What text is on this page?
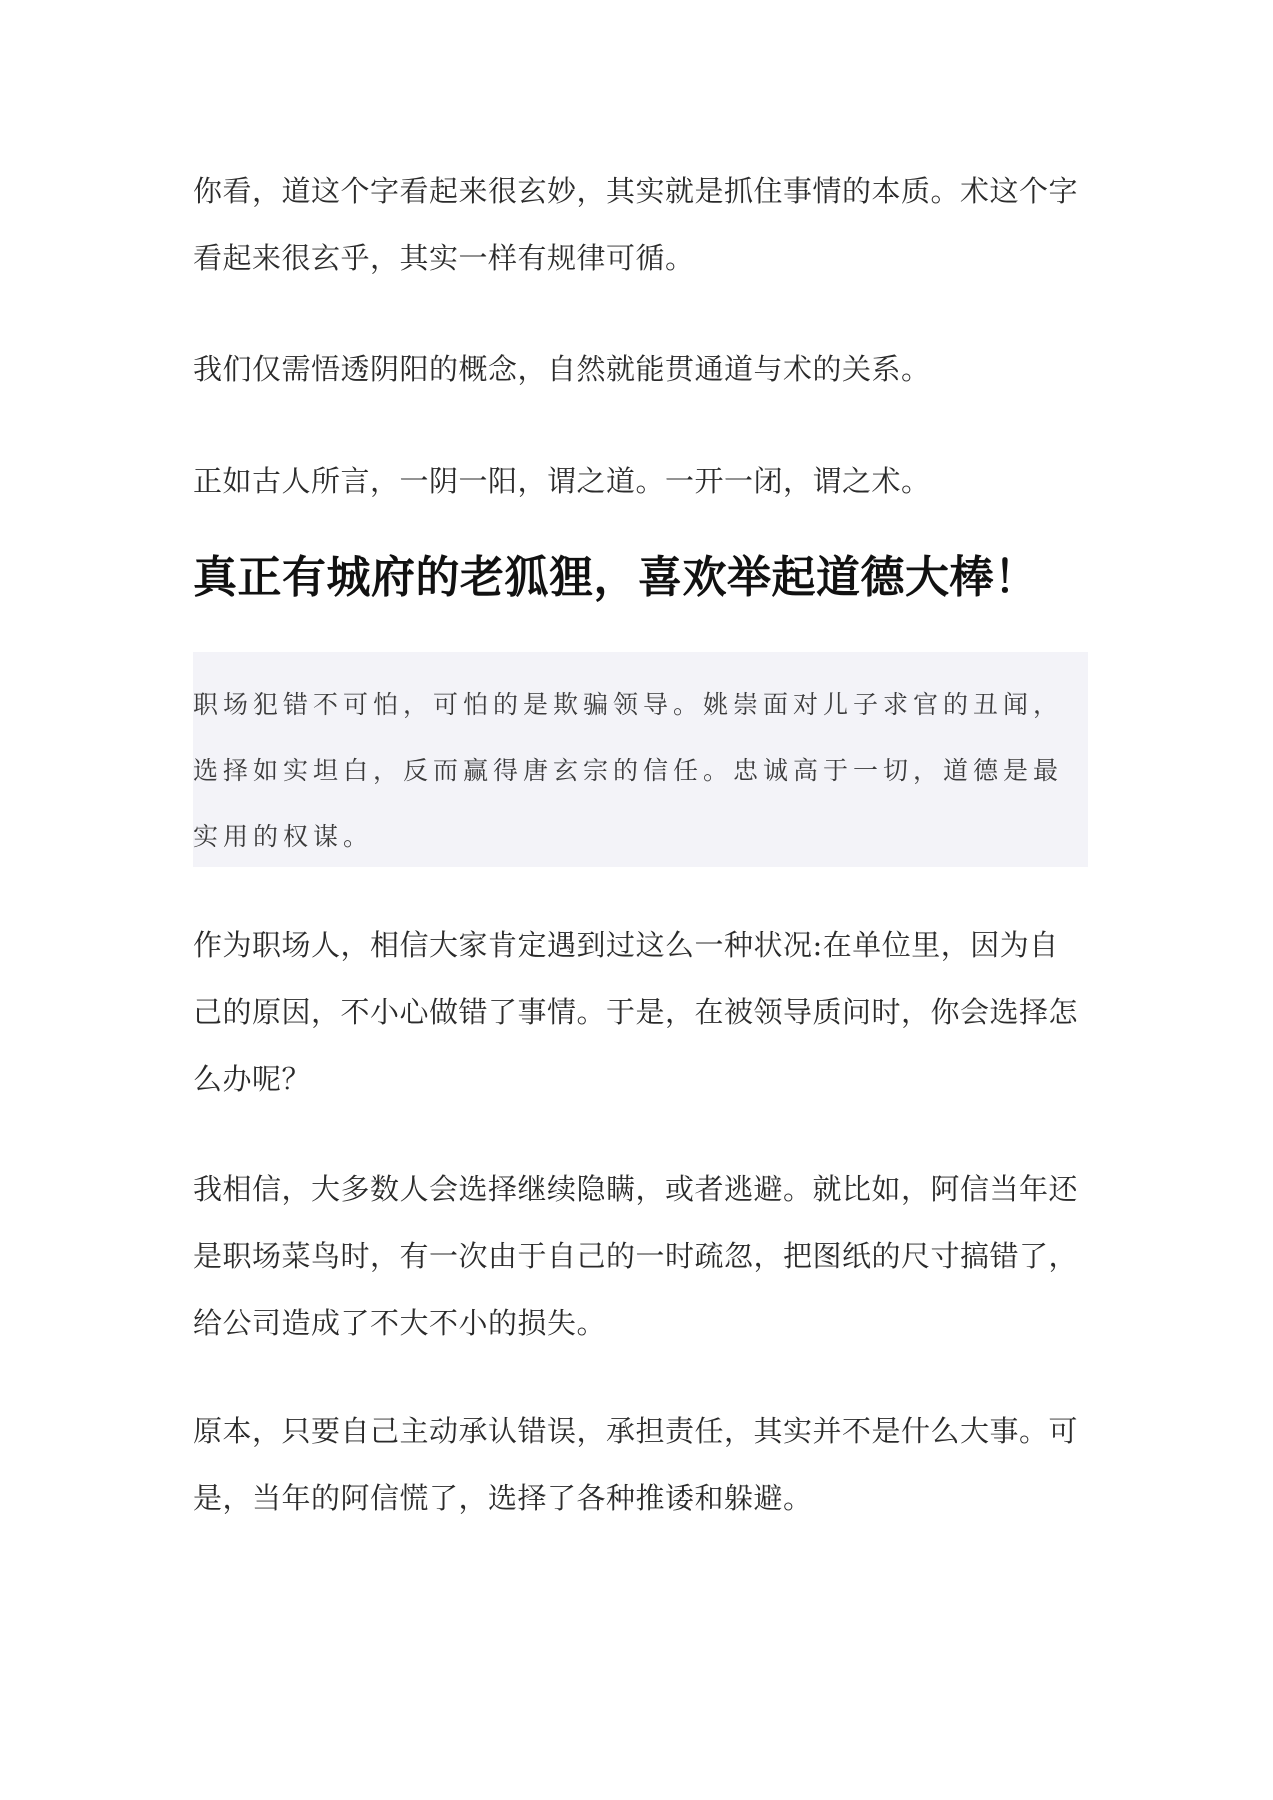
你看，道这个字看起来很玄妙，其实就是抓住事情的本质。术这个字看起来很玄乎，其实一样有规律可循。

我们仅需悟透阴阳的概念，自然就能贯通道与术的关系。

正如古人所言，一阴一阳，谓之道。一开一闭，谓之术。

真正有城府的老狐狸，喜欢举起道德大棒！

职场犯错不可怕，可怕的是欺骗领导。姚崇面对儿子求官的丑闻，选择如实坦白，反而赢得唐玄宗的信任。忠诚高于一切，道德是最实用的权谋。

作为职场人，相信大家肯定遇到过这么一种状况:在单位里，因为自己的原因，不小心做错了事情。于是，在被领导质问时，你会选择怎么办呢？

我相信，大多数人会选择继续隐瞒，或者逃避。就比如，阿信当年还是职场菜鸟时，有一次由于自己的一时疏忽，把图纸的尺寸搞错了，给公司造成了不大不小的损失。

原本，只要自己主动承认错误，承担责任，其实并不是什么大事。可是，当年的阿信慌了，选择了各种推诿和躲避。
